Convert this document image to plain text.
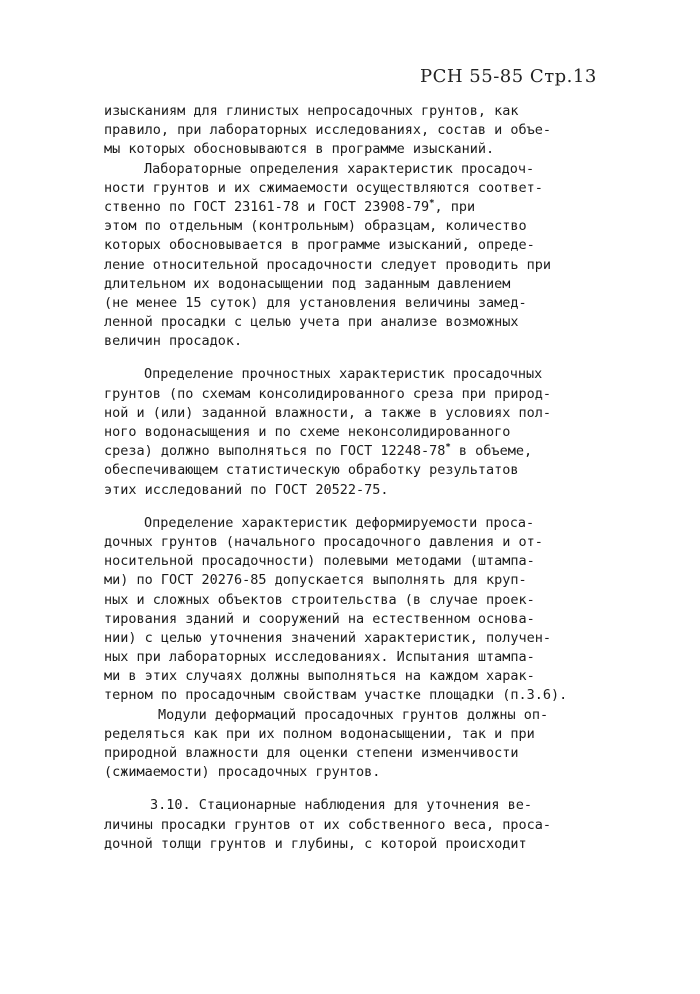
РСН 55-85 Стр.13
изысканиям для глинистых непросадочных грунтов, как
правило, при лабораторных исследованиях, состав и объе-
мы которых обосновываются в программе изысканий.
Лабораторные определения характеристик просадоч-
ности грунтов и их сжимаемости осуществляются соответ-
ственно по ГОСТ 23161-78 и ГОСТ 23908-79*, при
этом по отдельным (контрольным) образцам, количество
которых обосновывается в программе изысканий, опреде-
ление относительной просадочности следует проводить при
длительном их водонасыщении под заданным давлением
(не менее 15 суток) для установления величины замед-
ленной просадки с целью учета при анализе возможных
величин просадок.
Определение прочностных характеристик просадочных
грунтов (по схемам консолидированного среза при природ-
ной и (или) заданной влажности, а также в условиях пол-
ного водонасыщения и по схеме неконсолидированного
среза) должно выполняться по ГОСТ 12248-78* в объеме,
обеспечивающем статистическую обработку результатов
этих исследований по ГОСТ 20522-75.
Определение характеристик деформируемости просa-
дочных грунтов (начального просадочного давления и от-
носительной просадочности) полевыми методами (штампа-
ми) по ГОСТ 20276-85 допускается выполнять для круп-
ных и сложных объектов строительства (в случае проек-
тирования зданий и сооружений на естественном основа-
нии) с целью уточнения значений характеристик, получен-
ных при лабораторных исследованиях. Испытания штампа-
ми в этих случаях должны выполняться на каждом харак-
терном по просадочным свойствам участке площадки (п.3.6).
Модули деформаций просадочных грунтов должны оп-
ределяться как при их полном водонасыщении, так и при
природной влажности для оценки степени изменчивости
(сжимаемости) просадочных грунтов.
3.10. Стационарные наблюдения для уточнения ве-
личины просадки грунтов от их собственного веса, проса-
дочной толщи грунтов и глубины, с которой происходит
